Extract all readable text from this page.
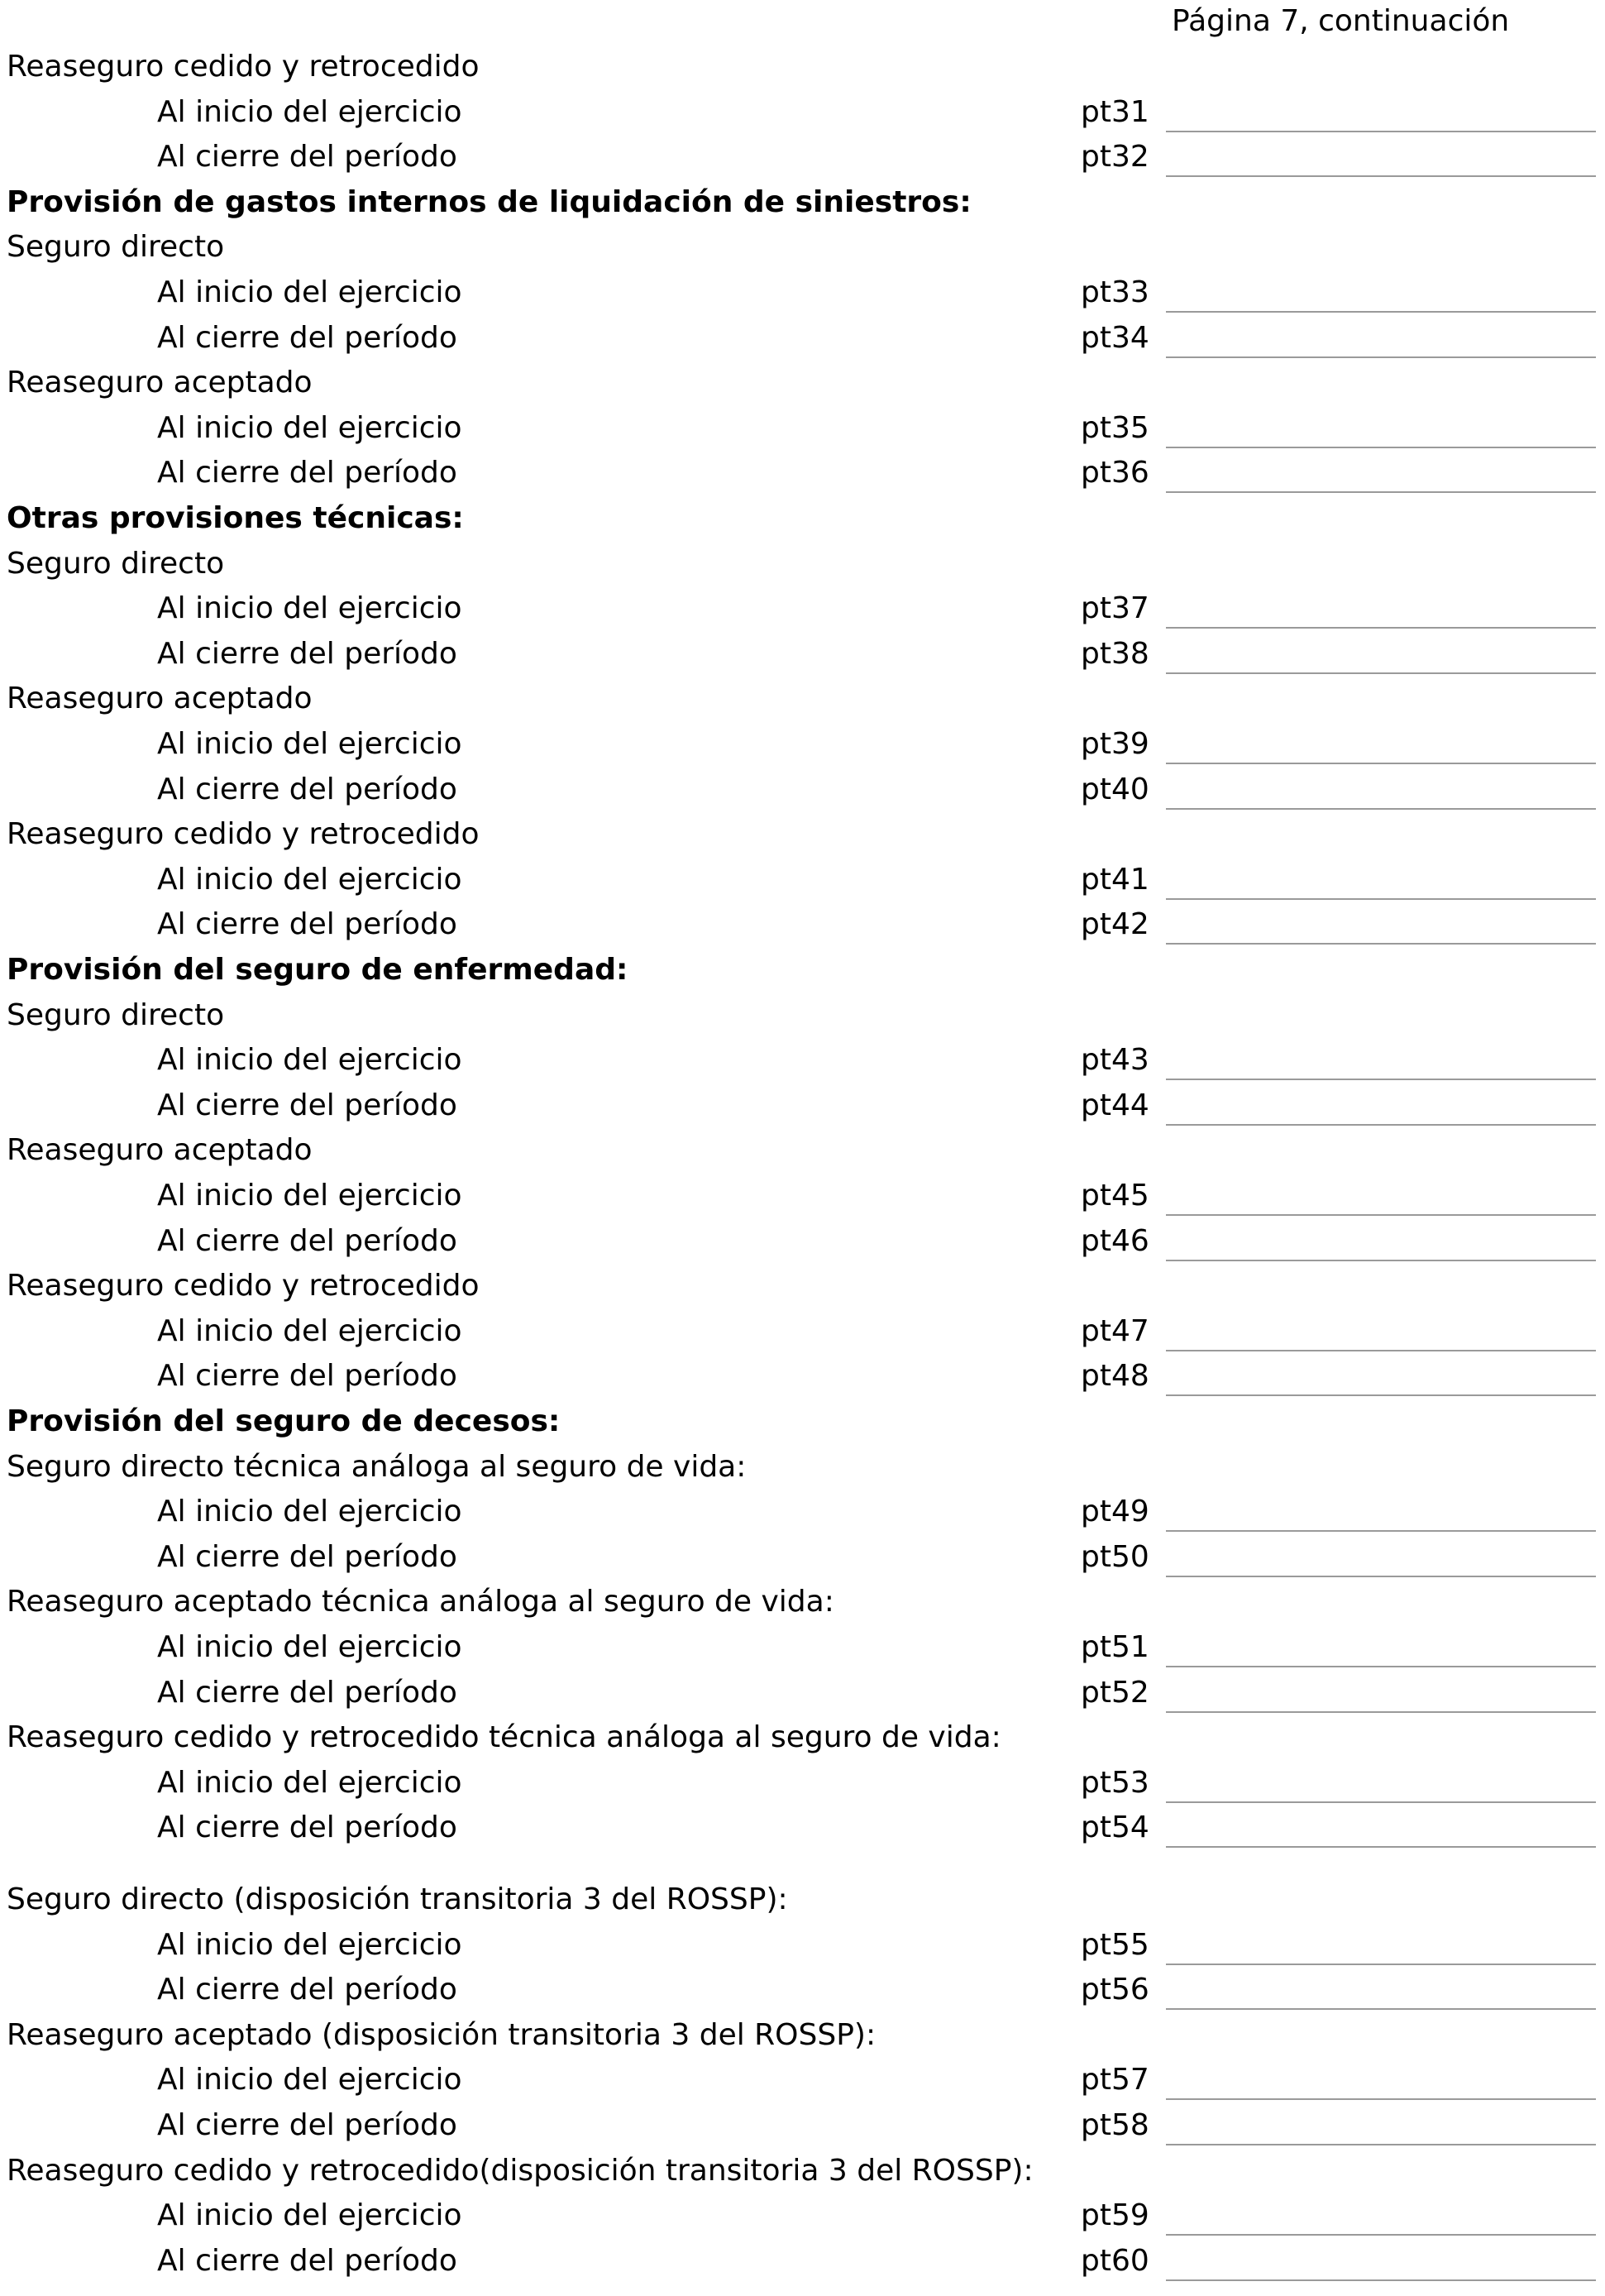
Página 7, continuación
Reaseguro cedido y retrocedido
Al inicio del ejercicio	pt31
Al cierre del período	pt32
Provisión de gastos internos de liquidación de siniestros:
Seguro directo
Al inicio del ejercicio	pt33
Al cierre del período	pt34
Reaseguro aceptado
Al inicio del ejercicio	pt35
Al cierre del período	pt36
Otras provisiones técnicas:
Seguro directo
Al inicio del ejercicio	pt37
Al cierre del período	pt38
Reaseguro aceptado
Al inicio del ejercicio	pt39
Al cierre del período	pt40
Reaseguro cedido y retrocedido
Al inicio del ejercicio	pt41
Al cierre del período	pt42
Provisión del seguro de enfermedad:
Seguro directo
Al inicio del ejercicio	pt43
Al cierre del período	pt44
Reaseguro aceptado
Al inicio del ejercicio	pt45
Al cierre del período	pt46
Reaseguro cedido y retrocedido
Al inicio del ejercicio	pt47
Al cierre del período	pt48
Provisión del seguro de decesos:
Seguro directo técnica análoga al seguro de vida:
Al inicio del ejercicio	pt49
Al cierre del período	pt50
Reaseguro aceptado técnica análoga al seguro de vida:
Al inicio del ejercicio	pt51
Al cierre del período	pt52
Reaseguro cedido y retrocedido técnica análoga al seguro de vida:
Al inicio del ejercicio	pt53
Al cierre del período	pt54
Seguro directo (disposición transitoria 3 del ROSSP):
Al inicio del ejercicio	pt55
Al cierre del período	pt56
Reaseguro aceptado (disposición transitoria 3 del ROSSP):
Al inicio del ejercicio	pt57
Al cierre del período	pt58
Reaseguro cedido y retrocedido(disposición transitoria 3 del ROSSP):
Al inicio del ejercicio	pt59
Al cierre del período	pt60
